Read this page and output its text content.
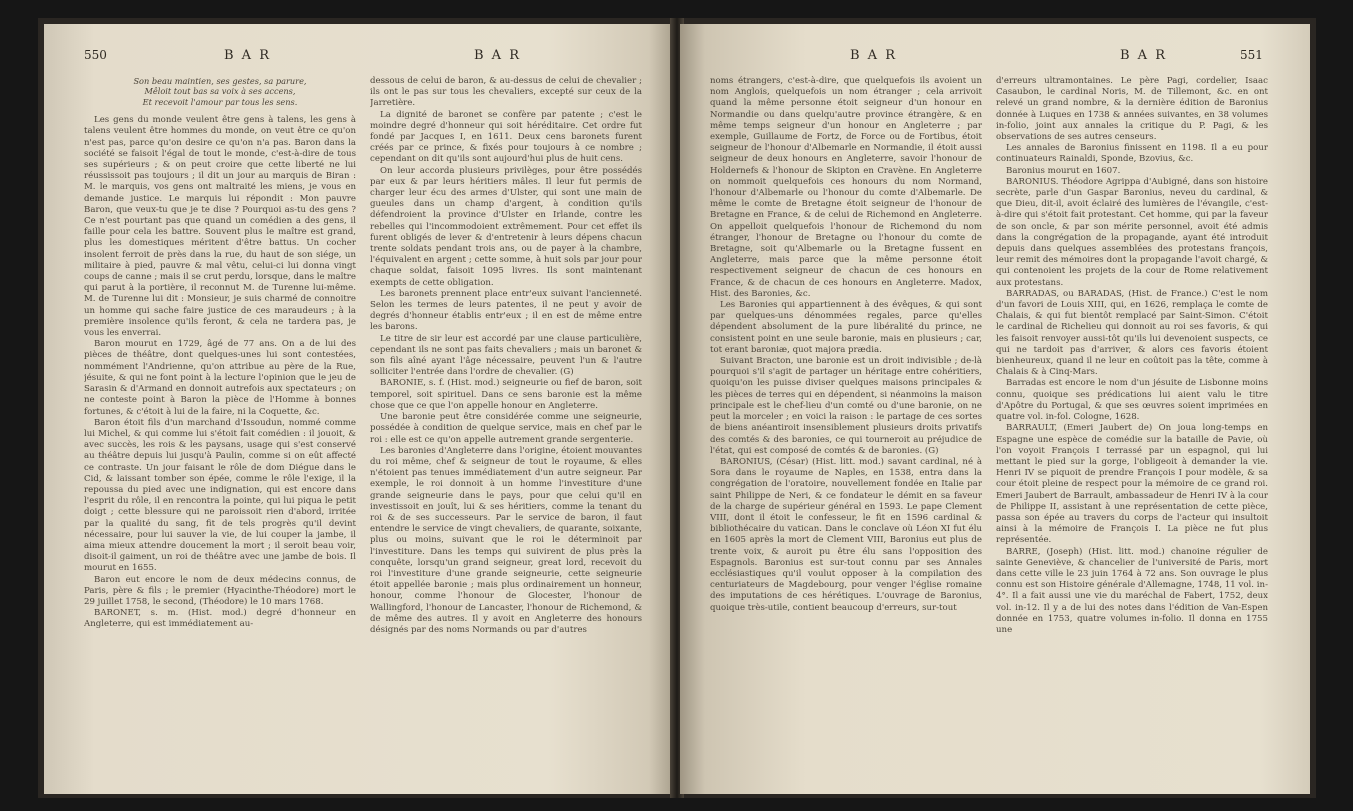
550	B A R	B A R
Son beau maintien, ses gestes, sa parure,
Mêloit tout bas sa voix à ses accens,
Et recevoit l'amour par tous les sens.

Les gens du monde veulent être gens à talens, les gens à talens veulent être hommes du monde, on veut être ce qu'on n'est pas, parce qu'on desire ce qu'on n'a pas. Baron dans la société se faisoit l'égal de tout le monde, c'est-à-dire de tous ses supérieurs ; & on peut croire que cette liberté ne lui réussissoit pas toujours ; il dit un jour au marquis de Biran : M. le marquis, vos gens ont maltraité les miens, je vous en demande justice. Le marquis lui répondit : Mon pauvre Baron, que veux-tu que je te dise ? Pourquoi as-tu des gens ? Ce n'est pourtant pas que quand un comédien a des gens, il faille pour cela les battre. Souvent plus le maître est grand, plus les domestiques méritent d'être battus. Un cocher insolent ferroit de près dans la rue, du haut de son siége, un militaire à pied, pauvre & mal vêtu, celui-ci lui donna vingt coups de canne ; mais il se crut perdu, lorsque, dans le maître qui parut à la portière, il reconnut M. de Turenne lui-même. M. de Turenne lui dit : Monsieur, je suis charmé de connoitre un homme qui sache faire justice de ces maraudeurs ; à la première insolence qu'ils feront, & cela ne tardera pas, je vous les enverrai.

Baron mourut en 1729, âgé de 77 ans. On a de lui des pièces de théâtre, dont quelques-unes lui sont contestées, nommément l'Andrienne, qu'on attribue au père de la Rue, jésuite, & qui ne font point à la lecture l'opinion que le jeu de Sarasin & d'Armand en donnoit autrefois aux spectateurs ; on ne conteste point à Baron la pièce de l'Homme à bonnes fortunes, & c'étoit à lui de la faire, ni la Coquette, &c.

Baron étoit fils d'un marchand d'Issoudun, nommé comme lui Michel, & qui comme lui s'étoit fait comédien : il jouoit, & avec succès, les rois & les paysans, usage qui s'est conservé au théâtre depuis lui jusqu'à Paulin, comme si on eût affecté ce contraste. Un jour faisant le rôle de dom Diégue dans le Cid, & laissant tomber son épée, comme le rôle l'exige, il la repoussa du pied avec une indignation, qui est encore dans l'esprit du rôle, il en rencontra la pointe, qui lui piqua le petit doigt ; cette blessure qui ne paroissoit rien d'abord, irritée par la qualité du sang, fit de tels progrès qu'il devint nécessaire, pour lui sauver la vie, de lui couper la jambe, il aima mieux attendre doucement la mort ; il seroit beau voir, disoit-il gaiment, un roi de théâtre avec une jambe de bois. Il mourut en 1655.

Baron eut encore le nom de deux médecins connus, de Paris, père & fils ; le premier (Hyacinthe-Théodore) mort le 29 juillet 1758, le second, (Théodore) le 10 mars 1768.

BARONET, s. m. (Hist. mod.) degré d'honneur en Angleterre, qui est immédiatement au-

dessous de celui de baron, & au-dessus de celui de chevalier ; ils ont le pas sur tous les chevaliers, excepté sur ceux de la Jarretière.

La dignité de baronet se confère par patente ; c'est le moindre degré d'honneur qui soit héréditaire. Cet ordre fut fondé par Jacques I, en 1611. Deux cens baronets furent créés par ce prince, & fixés pour toujours à ce nombre ; cependant on dit qu'ils sont aujourd'hui plus de huit cens.

On leur accorda plusieurs privilèges, pour être possédés par eux & par leurs héritiers mâles. Il leur fut permis de charger leur écu des armes d'Ulster, qui sont une main de gueules dans un champ d'argent, à condition qu'ils défendroient la province d'Ulster en Irlande, contre les rebelles qui l'incommodoient extrêmement. Pour cet effet ils furent obligés de lever & d'entretenir à leurs dépens chacun trente soldats pendant trois ans, ou de payer à la chambre, l'équivalent en argent ; cette somme, à huit sols par jour pour chaque soldat, faisoit 1095 livres. Ils sont maintenant exempts de cette obligation.

Les baronets prennent place entr'eux suivant l'ancienneté. Selon les termes de leurs patentes, il ne peut y avoir de degrés d'honneur établis entr'eux ; il en est de même entre les barons.

Le titre de sir leur est accordé par une clause particulière, cependant ils ne sont pas faits chevaliers ; mais un baronet & son fils aîné ayant l'âge nécessaire, peuvent l'un & l'autre solliciter l'entrée dans l'ordre de chevalier. (G)

BARONIE, s. f. (Hist. mod.) seigneurie ou fief de baron, soit temporel, soit spirituel. Dans ce sens baronie est la même chose que ce que l'on appelle honour en Angleterre.

Une baronie peut être considérée comme une seigneurie, possédée à condition de quelque service, mais en chef par le roi : elle est ce qu'on appelle autrement grande sergenterie.

Les baronies d'Angleterre dans l'origine, étoient mouvantes du roi même, chef & seigneur de tout le royaume, & elles n'étoient pas tenues immédiatement d'un autre seigneur. Par exemple, le roi donnoit à un homme l'investiture d'une grande seigneurie dans le pays, pour que celui qu'il en investissoit en jouît, lui & ses héritiers, comme la tenant du roi & de ses successeurs. Par le service de baron, il faut entendre le service de vingt chevaliers, de quarante, soixante, plus ou moins, suivant que le roi le déterminoit par l'investiture. Dans les temps qui suivirent de plus près la conquête, lorsqu'un grand seigneur, great lord, recevoit du roi l'investiture d'une grande seigneurie, cette seigneurie étoit appellée baronie ; mais plus ordinairement un honneur, honour, comme l'honour de Glocester, l'honour de Wallingford, l'honour de Lancaster, l'honour de Richemond, & de même des autres. Il y avoit en Angleterre des honours désignés par des noms Normands ou par d'autres

B A R	B A R	551

noms étrangers, c'est-à-dire, que quelquefois ils avoient un nom Anglois, quelquefois un nom étranger ; cela arrivoit quand la même personne étoit seigneur d'un honour en Normandie ou dans quelqu'autre province étrangère, & en même temps seigneur d'un honour en Angleterre ; par exemple, Guillaume de Fortz, de Force ou de Fortibus, étoit seigneur de l'honour d'Albemarle en Normandie, il étoit aussi seigneur de deux honours en Angleterre, savoir l'honour de Holdernefs & l'honour de Skipton en Cravène. En Angleterre on nommoit quelquefois ces honours du nom Normand, l'honour d'Albemarle ou l'honour du comte d'Albemarle. De même le comte de Bretagne étoit seigneur de l'honour de Bretagne en France, & de celui de Richemond en Angleterre. On appelloit quelquefois l'honour de Richemond du nom étranger, l'honour de Bretagne ou l'honour du comte de Bretagne, soit qu'Albemarle ou la Bretagne fussent en Angleterre, mais parce que la même personne étoit respectivement seigneur de chacun de ces honours en France, & de chacun de ces honours en Angleterre. Madox, Hist. des Baronies, &c.

Les Baronies qui appartiennent à des évêques, & qui sont par quelques-uns dénommées regales, parce qu'elles dépendent absolument de la pure libéralité du prince, ne consistent point en une seule baronie, mais en plusieurs ; car, tot erant baroniæ, quot majora prædia.

Suivant Bracton, une baronie est un droit indivisible ; de-là pourquoi s'il s'agit de partager un héritage entre cohéritiers, quoiqu'on les puisse diviser quelques maisons principales & les pièces de terres qui en dépendent, si néanmoins la maison principale est le chef-lieu d'un comté ou d'une baronie, on ne peut la morceler ; en voici la raison : le partage de ces sortes de biens anéantiroit insensiblement plusieurs droits privatifs des comtés & des baronies, ce qui tourneroit au préjudice de l'état, qui est composé de comtés & de baronies. (G)

BARONIUS, (César) (Hist. litt. mod.) savant cardinal, né à Sora dans le royaume de Naples, en 1538, entra dans la congrégation de l'oratoire, nouvellement fondée en Italie par saint Philippe de Neri, & ce fondateur le démit en sa faveur de la charge de supérieur général en 1593. Le pape Clement VIII, dont il étoit le confesseur, le fit en 1596 cardinal & bibliothécaire du vatican. Dans le conclave où Léon XI fut élu en 1605 après la mort de Clement VIII, Baronius eut plus de trente voix, & auroit pu être élu sans l'opposition des Espagnols. Baronius est sur-tout connu par ses Annales ecclésiastiques qu'il voulut opposer à la compilation des centuriateurs de Magdebourg, pour venger l'église romaine des imputations de ces hérétiques. L'ouvrage de Baronius, quoique très-utile, contient beaucoup d'erreurs, sur-tout

d'erreurs ultramontaines. Le père Pagi, cordelier, Isaac Casaubon, le cardinal Noris, M. de Tillemont, &c. en ont relevé un grand nombre, & la dernière édition de Baronius donnée à Luques en 1738 & années suivantes, en 38 volumes in-folio, joint aux annales la critique du P. Pagi, & les observations de ses autres censeurs.

Les annales de Baronius finissent en 1198. Il a eu pour continuateurs Rainaldi, Sponde, Bzovius, &c.

Baronius mourut en 1607.

BARONIUS. Théodore Agrippa d'Aubigné, dans son histoire secrète, parle d'un Gaspar Baronius, neveu du cardinal, & que Dieu, dit-il, avoit éclairé des lumières de l'évangile, c'est-à-dire qui s'étoit fait protestant. Cet homme, qui par la faveur de son oncle, & par son mérite personnel, avoit été admis dans la congrégation de la propagande, ayant été introduit depuis dans quelques assemblées des protestans françois, leur remit des mémoires dont la propagande l'avoit chargé, & qui contenoient les projets de la cour de Rome relativement aux protestans.

BARRADAS, ou BARADAS, (Hist. de France.) C'est le nom d'un favori de Louis XIII, qui, en 1626, remplaça le comte de Chalais, & qui fut bientôt remplacé par Saint-Simon. C'étoit le cardinal de Richelieu qui donnoit au roi ses favoris, & qui les faisoit renvoyer aussi-tôt qu'ils lui devenoient suspects, ce qui ne tardoit pas d'arriver, & alors ces favoris étoient bienheureux, quand il ne leur en coûtoit pas la tête, comme à Chalais & à Cinq-Mars.

Barradas est encore le nom d'un jésuite de Lisbonne moins connu, quoique ses prédications lui aient valu le titre d'Apôtre du Portugal, & que ses œuvres soient imprimées en quatre vol. in-fol. Cologne, 1628.

BARRAULT, (Emeri Jaubert de) On joua long-temps en Espagne une espèce de comédie sur la bataille de Pavie, où l'on voyoit François I terrassé par un espagnol, qui lui mettant le pied sur la gorge, l'obligeoit à demander la vie. Henri IV se piquoit de prendre François I pour modèle, & sa cour étoit pleine de respect pour la mémoire de ce grand roi. Emeri Jaubert de Barrault, ambassadeur de Henri IV à la cour de Philippe II, assistant à une représentation de cette pièce, passa son épée au travers du corps de l'acteur qui insultoit ainsi à la mémoire de François I. La pièce ne fut plus représentée.

BARRE, (Joseph) (Hist. litt. mod.) chanoine régulier de sainte Geneviève, & chancelier de l'université de Paris, mort dans cette ville le 23 juin 1764 à 72 ans. Son ouvrage le plus connu est son Histoire générale d'Allemagne, 1748, 11 vol. in-4°. Il a fait aussi une vie du maréchal de Fabert, 1752, deux vol. in-12. Il y a de lui des notes dans l'édition de Van-Espen donnée en 1753, quatre volumes in-folio. Il donna en 1755 une
